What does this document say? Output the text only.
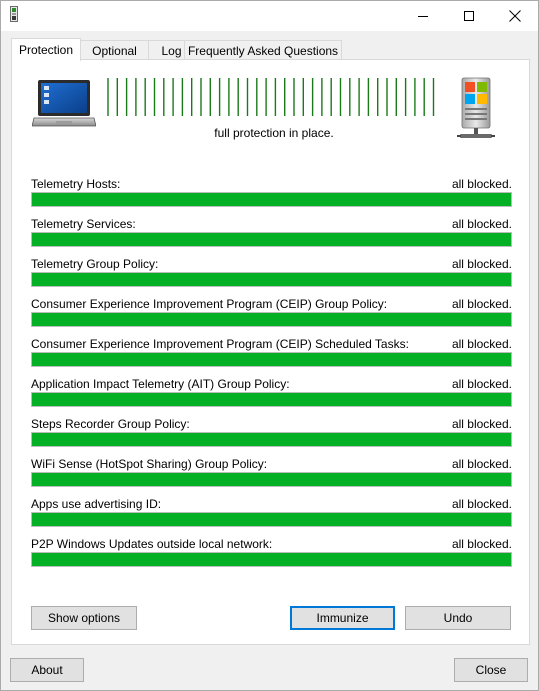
Protection Optional Log Frequently Asked Questions
full protection in place.
Telemetry Hosts:	all blocked.
Telemetry Services:	all blocked.
Telemetry Group Policy:	all blocked.
Consumer Experience Improvement Program (CEIP) Group Policy:	all blocked.
Consumer Experience Improvement Program (CEIP) Scheduled Tasks:	all blocked.
Application Impact Telemetry (AIT) Group Policy:	all blocked.
Steps Recorder Group Policy:	all blocked.
WiFi Sense (HotSpot Sharing) Group Policy:	all blocked.
Apps use advertising ID:	all blocked.
P2P Windows Updates outside local network:	all blocked.
Show options	Immunize	Undo
About	Close
